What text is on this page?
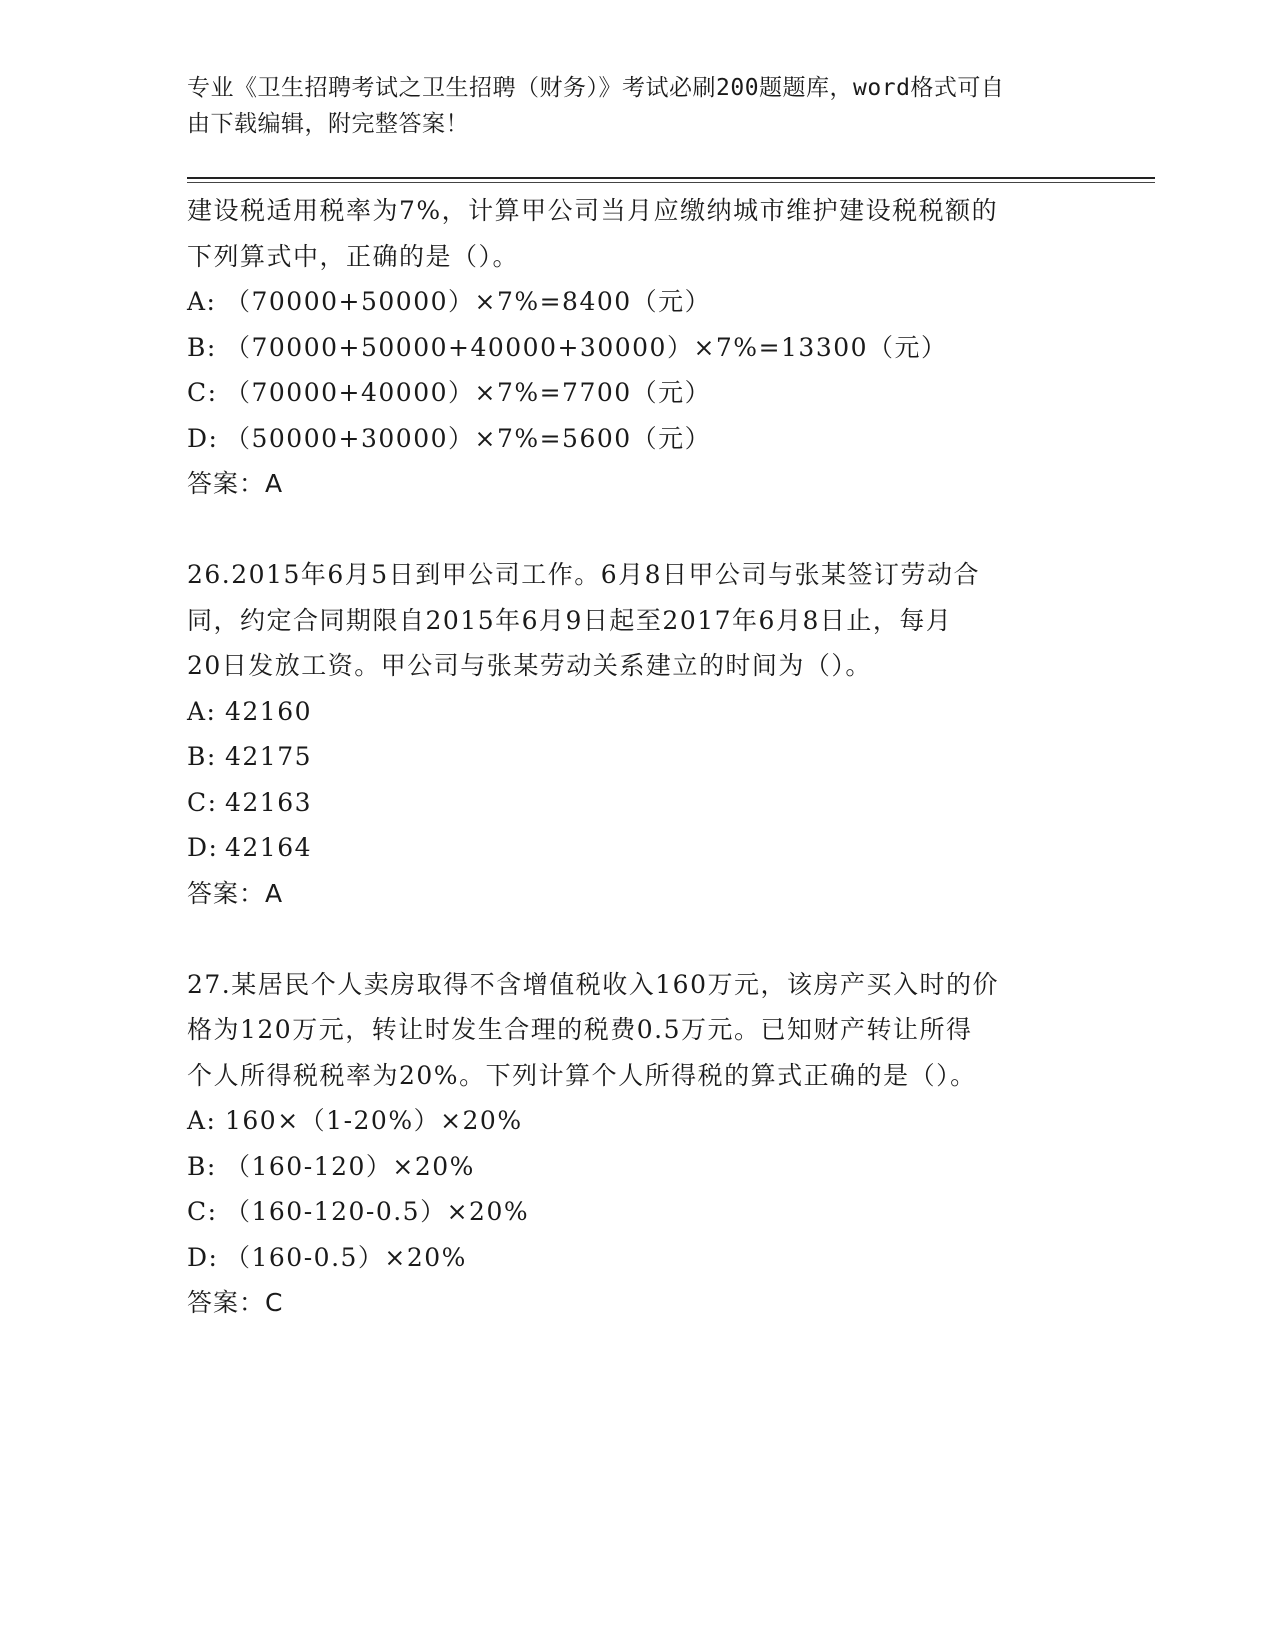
专业《卫生招聘考试之卫生招聘（财务）》考试必刷200题题库，word格式可自
由下载编辑，附完整答案！
建设税适用税率为7%，计算甲公司当月应缴纳城市维护建设税税额的
下列算式中，正确的是（）。
A: （70000+50000）×7%=8400（元）
B: （70000+50000+40000+30000）×7%=13300（元）
C: （70000+40000）×7%=7700（元）
D: （50000+30000）×7%=5600（元）
答案：A
26.2015年6月5日到甲公司工作。6月8日甲公司与张某签订劳动合
同，约定合同期限自2015年6月9日起至2017年6月8日止，每月
20日发放工资。甲公司与张某劳动关系建立的时间为（）。
A: 42160
B: 42175
C: 42163
D: 42164
答案：A
27.某居民个人卖房取得不含增值税收入160万元，该房产买入时的价
格为120万元，转让时发生合理的税费0.5万元。已知财产转让所得
个人所得税税率为20%。下列计算个人所得税的算式正确的是（）。
A: 160×（1-20%）×20%
B: （160-120）×20%
C: （160-120-0.5）×20%
D: （160-0.5）×20%
答案：C
